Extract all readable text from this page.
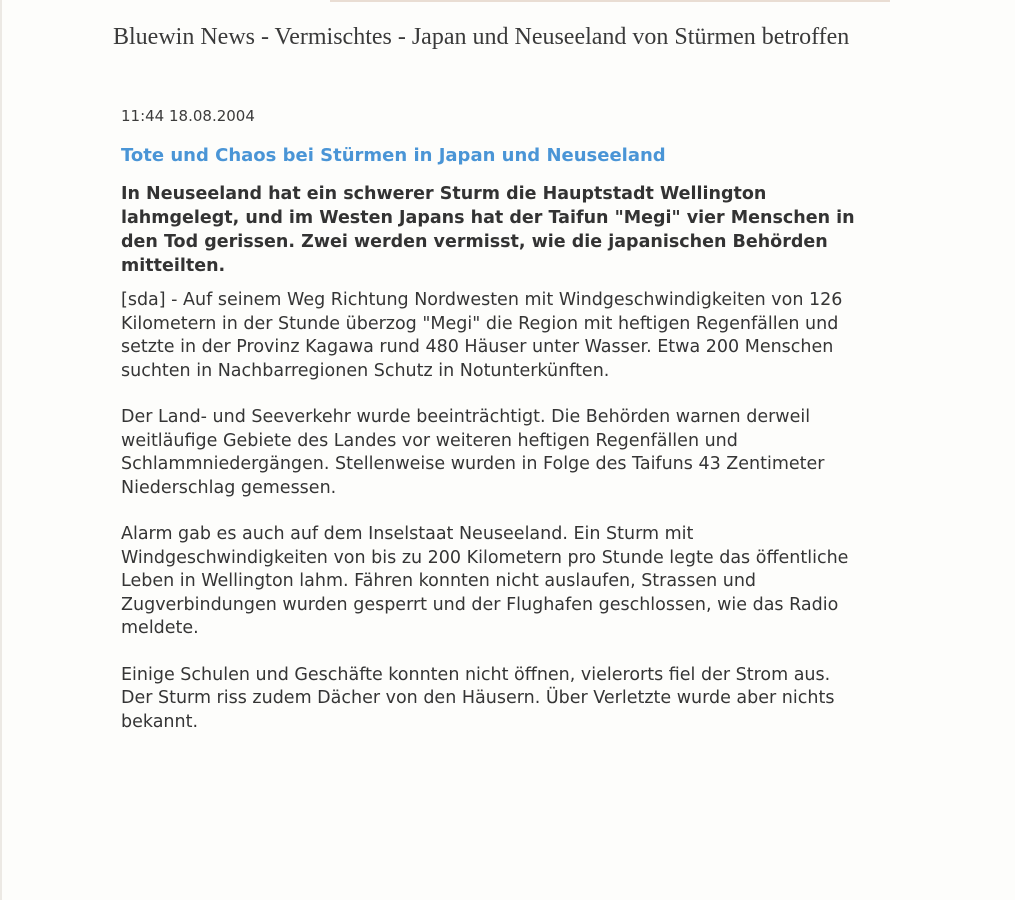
Bluewin News - Vermischtes - Japan und Neuseeland von Stürmen betroffen

11:44 18.08.2004

Tote und Chaos bei Stürmen in Japan und Neuseeland

In Neuseeland hat ein schwerer Sturm die Hauptstadt Wellington lahmgelegt, und im Westen Japans hat der Taifun "Megi" vier Menschen in den Tod gerissen. Zwei werden vermisst, wie die japanischen Behörden mitteilten.

[sda] - Auf seinem Weg Richtung Nordwesten mit Windgeschwindigkeiten von 126 Kilometern in der Stunde überzog "Megi" die Region mit heftigen Regenfällen und setzte in der Provinz Kagawa rund 480 Häuser unter Wasser. Etwa 200 Menschen suchten in Nachbarregionen Schutz in Notunterkünften.

Der Land- und Seeverkehr wurde beeinträchtigt. Die Behörden warnen derweil weitläufige Gebiete des Landes vor weiteren heftigen Regenfällen und Schlammniedergängen. Stellenweise wurden in Folge des Taifuns 43 Zentimeter Niederschlag gemessen.

Alarm gab es auch auf dem Inselstaat Neuseeland. Ein Sturm mit Windgeschwindigkeiten von bis zu 200 Kilometern pro Stunde legte das öffentliche Leben in Wellington lahm. Fähren konnten nicht auslaufen, Strassen und Zugverbindungen wurden gesperrt und der Flughafen geschlossen, wie das Radio meldete.

Einige Schulen und Geschäfte konnten nicht öffnen, vielerorts fiel der Strom aus. Der Sturm riss zudem Dächer von den Häusern. Über Verletzte wurde aber nichts bekannt.
